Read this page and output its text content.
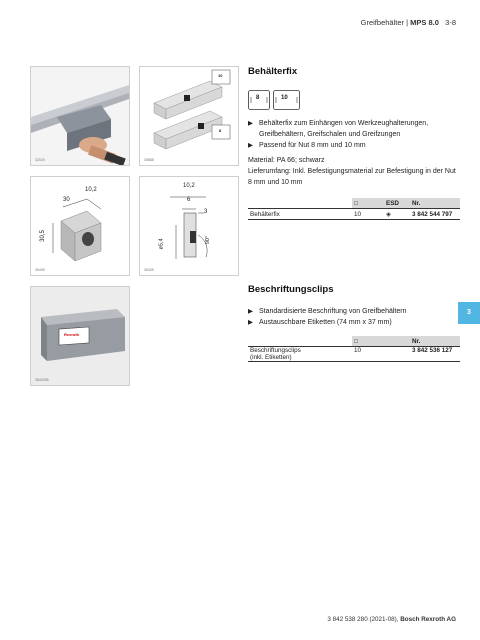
Greifbehälter | MPS 8.0 3-8
32020
10
8
35888
10,2
30
30,5
35405
10,2
6
3
ø5,4	90°
35405
Rexroth
3842535
Behälterfix
8	10
▶ Behälterfix zum Einhängen von Werkzeughalterungen, Greifbehältern, Greifschalen und Greifzungen
▶ Passend für Nut 8 mm und 10 mm
Material: PA 66; schwarz
Lieferumfang: Inkl. Befestigungsmaterial zur Befestigung in der Nut 8 mm und 10 mm
	□	ESD	Nr.
Behälterfix	10	◈	3 842 544 797
Beschriftungsclips
▶ Standardisierte Beschriftung von Greifbehältern
▶ Austauschbare Etiketten (74 mm x 37 mm)
	□		Nr.
Beschriftungsclips
(inkl. Etiketten)	10		3 842 536 127
3
3 842 538 280 (2021-08), Bosch Rexroth AG
